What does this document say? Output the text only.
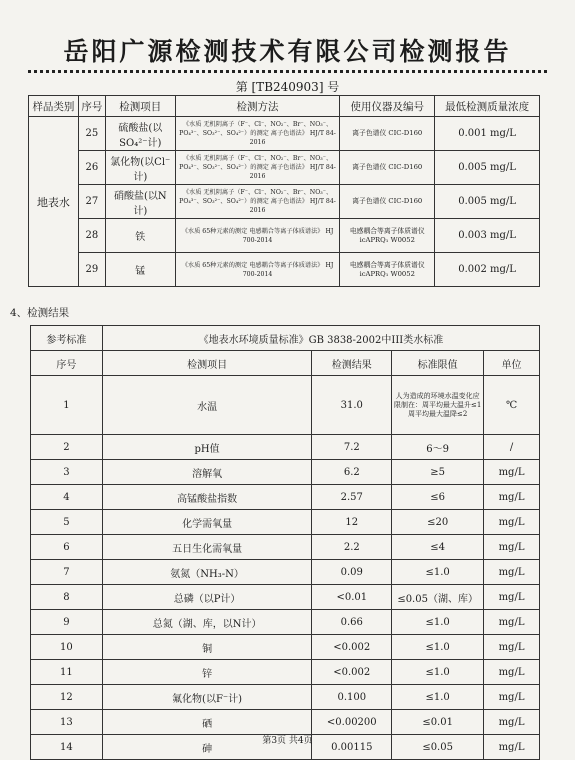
岳阳广源检测技术有限公司检测报告
第 [TB240903] 号
样品类别	序号	检测项目	检测方法	使用仪器及编号	最低检测质量浓度
地表水	25	硫酸盐(以SO₄²⁻计)	《水质 无机阴离子（F⁻、Cl⁻、NO₂⁻、Br⁻、NO₃⁻、PO₄³⁻、SO₃²⁻、SO₄²⁻）的测定 离子色谱法》 HJ/T 84-2016	离子色谱仪 CIC-D160	0.001 mg/L
	26	氯化物(以Cl⁻计)	《水质 无机阴离子（F⁻、Cl⁻、NO₂⁻、Br⁻、NO₃⁻、PO₄³⁻、SO₃²⁻、SO₄²⁻）的测定 离子色谱法》 HJ/T 84-2016	离子色谱仪 CIC-D160	0.005 mg/L
	27	硝酸盐(以N 计)	《水质 无机阴离子（F⁻、Cl⁻、NO₂⁻、Br⁻、NO₃⁻、PO₄³⁻、SO₃²⁻、SO₄²⁻）的测定 离子色谱法》 HJ/T 84-2016	离子色谱仪 CIC-D160	0.005 mg/L
	28	铁	《水质 65种元素的测定 电感耦合等离子体质谱法》 HJ 700-2014	电感耦合等离子体质谱仪icAPRQ₁ W0052	0.003 mg/L
	29	锰	《水质 65种元素的测定 电感耦合等离子体质谱法》 HJ 700-2014	电感耦合等离子体质谱仪icAPRQ₁ W0052	0.002 mg/L
4、检测结果
参考标准	《地表水环境质量标准》GB 3838-2002中III类水标准			
序号	检测项目	检测结果	标准限值	单位
1	水温	31.0	人为造成的环境水温变化应限制在：周平均最大温升≤1 周平均最大温降≤2	℃
2	pH值	7.2	6～9	/
3	溶解氧	6.2	≥5	mg/L
4	高锰酸盐指数	2.57	≤6	mg/L
5	化学需氧量	12	≤20	mg/L
6	五日生化需氧量	2.2	≤4	mg/L
7	氨氮（NH₃-N）	0.09	≤1.0	mg/L
8	总磷（以P计）	<0.01	≤0.05（湖、库）	mg/L
9	总氮（湖、库，以N计）	0.66	≤1.0	mg/L
10	铜	<0.002	≤1.0	mg/L
11	锌	<0.002	≤1.0	mg/L
12	氟化物(以F⁻计)	0.100	≤1.0	mg/L
13	硒	<0.00200	≤0.01	mg/L
14	砷	0.00115	≤0.05	mg/L
第3页 共4页
